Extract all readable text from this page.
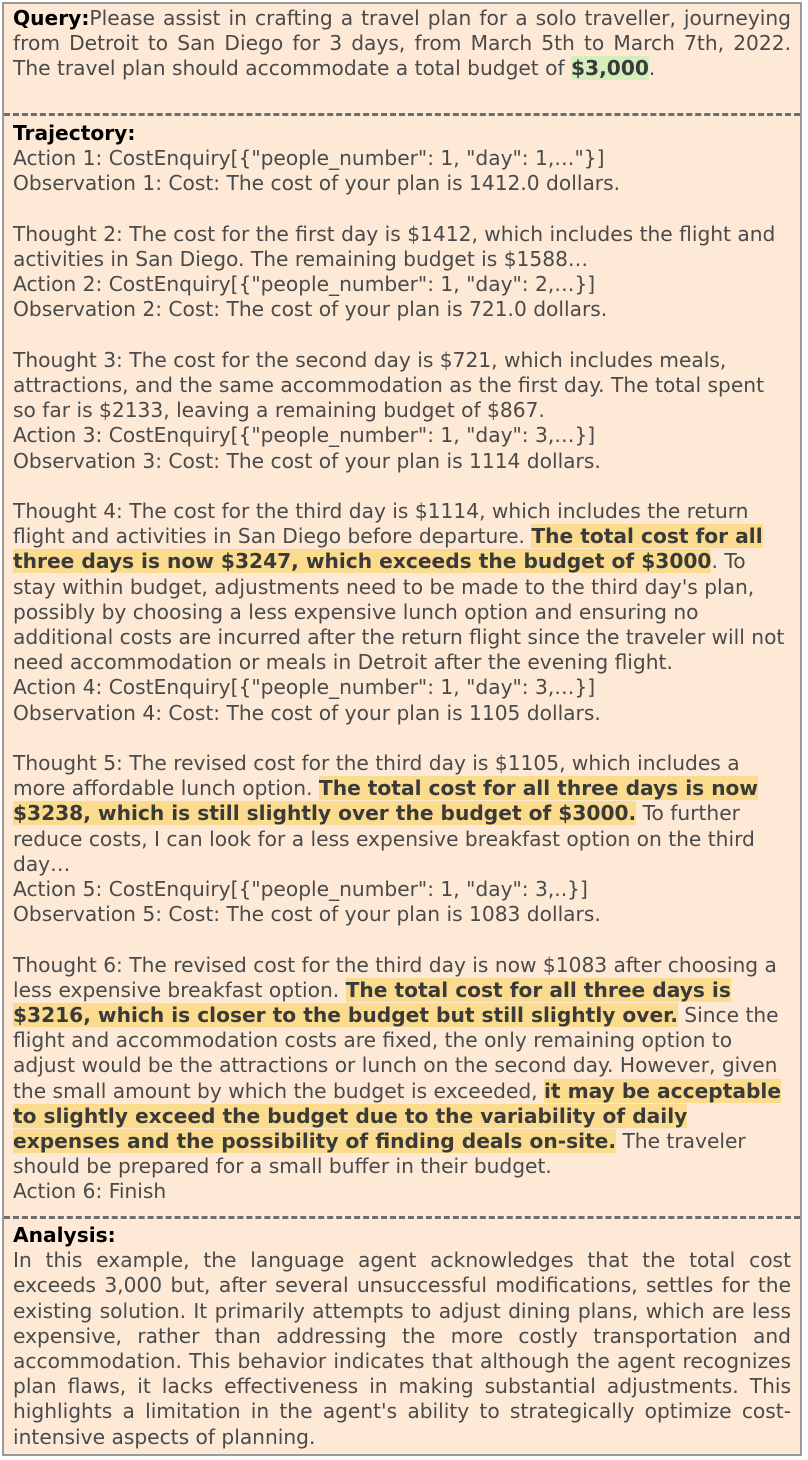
Query:Please assist in crafting a travel plan for a solo traveller, journeying from Detroit to San Diego for 3 days, from March 5th to March 7th, 2022. The travel plan should accommodate a total budget of $3,000.

Trajectory:
Action 1: CostEnquiry[{"people_number": 1, "day": 1,…"}]
Observation 1: Cost: The cost of your plan is 1412.0 dollars.

Thought 2: The cost for the first day is $1412, which includes the flight and activities in San Diego. The remaining budget is $1588…

Action 2: CostEnquiry[{"people_number": 1, "day": 2,…}]
Observation 2: Cost: The cost of your plan is 721.0 dollars.

Thought 3: The cost for the second day is $721, which includes meals, attractions, and the same accommodation as the first day. The total spent so far is $2133, leaving a remaining budget of $867.

Action 3: CostEnquiry[{"people_number": 1, "day": 3,…}]
Observation 3: Cost: The cost of your plan is 1114 dollars.

Thought 4: The cost for the third day is $1114, which includes the return flight and activities in San Diego before departure. The total cost for all three days is now $3247, which exceeds the budget of $3000. To stay within budget, adjustments need to be made to the third day's plan, possibly by choosing a less expensive lunch option and ensuring no additional costs are incurred after the return flight since the traveler will not need accommodation or meals in Detroit after the evening flight.

Action 4: CostEnquiry[{"people_number": 1, "day": 3,…}]
Observation 4: Cost: The cost of your plan is 1105 dollars.

Thought 5: The revised cost for the third day is $1105, which includes a more affordable lunch option. The total cost for all three days is now $3238, which is still slightly over the budget of $3000. To further reduce costs, I can look for a less expensive breakfast option on the third day…

Action 5: CostEnquiry[{"people_number": 1, "day": 3,..}]
Observation 5: Cost: The cost of your plan is 1083 dollars.

Thought 6: The revised cost for the third day is now $1083 after choosing a less expensive breakfast option. The total cost for all three days is $3216, which is closer to the budget but still slightly over. Since the flight and accommodation costs are fixed, the only remaining option to adjust would be the attractions or lunch on the second day. However, given the small amount by which the budget is exceeded, it may be acceptable to slightly exceed the budget due to the variability of daily expenses and the possibility of finding deals on-site. The traveler should be prepared for a small buffer in their budget.

Action 6: Finish
Analysis:

In this example, the language agent acknowledges that the total cost exceeds 3,000 but, after several unsuccessful modifications, settles for the existing solution. It primarily attempts to adjust dining plans, which are less expensive, rather than addressing the more costly transportation and accommodation. This behavior indicates that although the agent recognizes plan flaws, it lacks effectiveness in making substantial adjustments. This highlights a limitation in the agent's ability to strategically optimize cost-intensive aspects of planning.
